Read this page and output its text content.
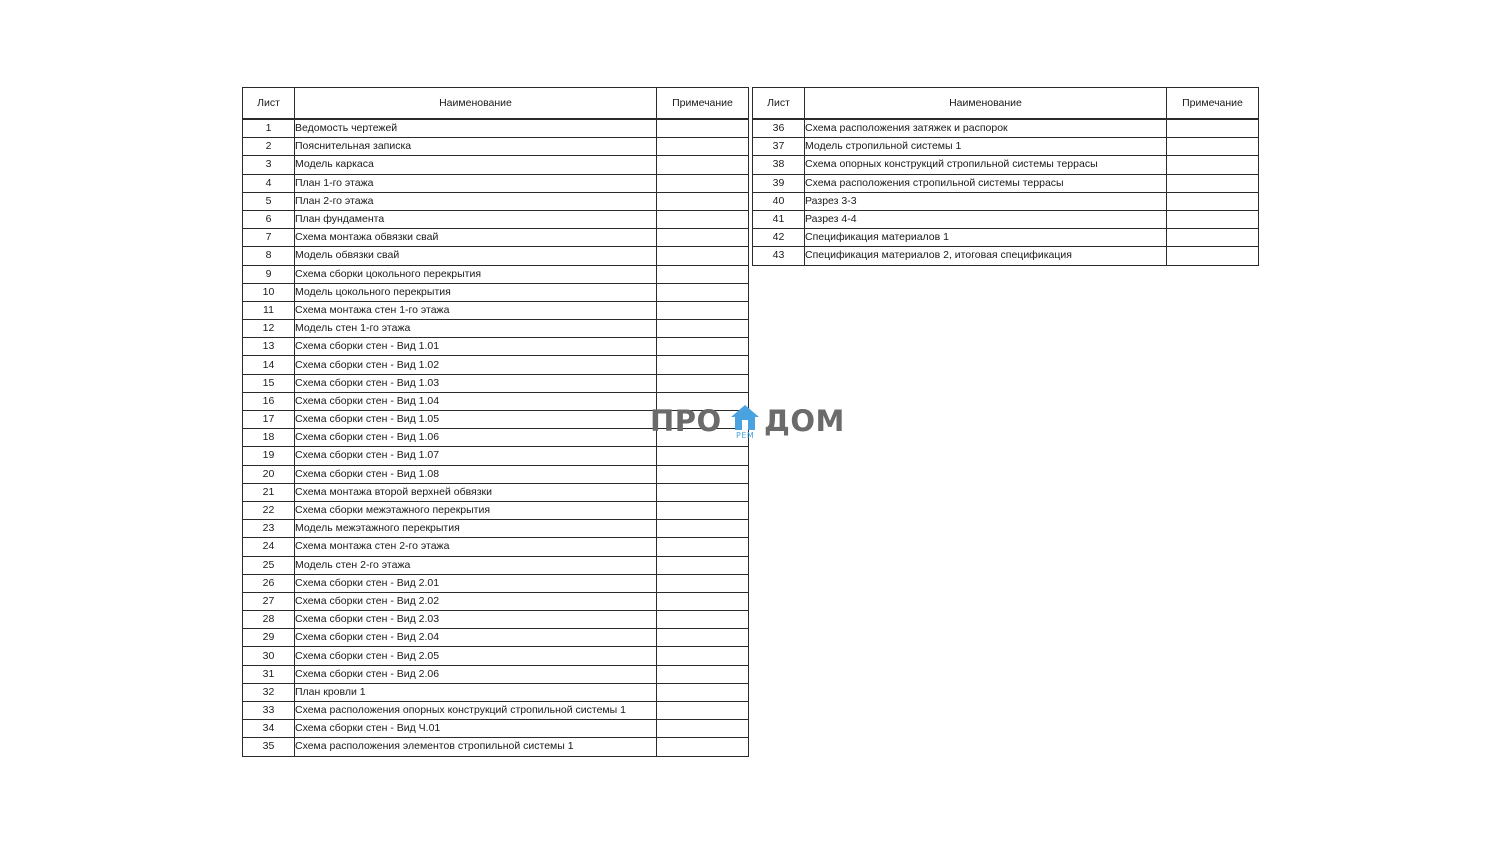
Лист	Наименование	Примечание
1	Ведомость чертежей	
2	Пояснительная записка	
3	Модель каркаса	
4	План 1-го этажа	
5	План 2-го этажа	
6	План фундамента	
7	Схема монтажа обвязки свай	
8	Модель обвязки свай	
9	Схема сборки цокольного перекрытия	
10	Модель цокольного перекрытия	
11	Схема монтажа стен 1-го этажа	
12	Модель стен 1-го этажа	
13	Схема сборки стен - Вид 1.01	
14	Схема сборки стен - Вид 1.02	
15	Схема сборки стен - Вид 1.03	
16	Схема сборки стен - Вид 1.04	
17	Схема сборки стен - Вид 1.05	
18	Схема сборки стен - Вид 1.06	
19	Схема сборки стен - Вид 1.07	
20	Схема сборки стен - Вид 1.08	
21	Схема монтажа второй верхней обвязки	
22	Схема сборки межэтажного перекрытия	
23	Модель межэтажного перекрытия	
24	Схема монтажа стен 2-го этажа	
25	Модель стен 2-го этажа	
26	Схема сборки стен - Вид 2.01	
27	Схема сборки стен - Вид 2.02	
28	Схема сборки стен - Вид 2.03	
29	Схема сборки стен - Вид 2.04	
30	Схема сборки стен - Вид 2.05	
31	Схема сборки стен - Вид 2.06	
32	План кровли 1	
33	Схема расположения опорных конструкций стропильной системы 1	
34	Схема сборки стен - Вид Ч.01	
35	Схема расположения элементов стропильной системы 1	
Лист	Наименование	Примечание
36	Схема расположения затяжек и распорок	
37	Модель стропильной системы 1	
38	Схема опорных конструкций стропильной системы террасы	
39	Схема расположения стропильной системы террасы	
40	Разрез 3-3	
41	Разрез 4-4	
42	Спецификация материалов 1	
43	Спецификация материалов 2, итоговая спецификация	
ПРО РЕМ ДОМ
